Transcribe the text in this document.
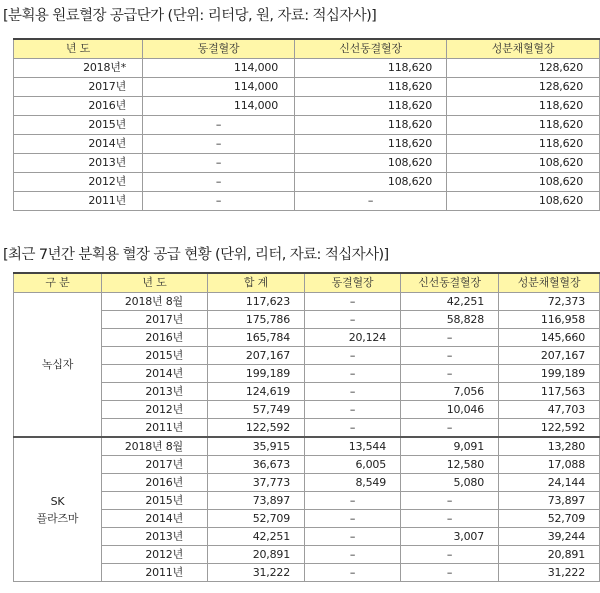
[분획용 원료혈장 공급단가 (단위: 리터당, 원, 자료: 적십자사)]
년 도	동결혈장	신선동결혈장	성분채혈혈장
2018년*	114,000	118,620	128,620
2017년	114,000	118,620	128,620
2016년	114,000	118,620	118,620
2015년	–	118,620	118,620
2014년	–	118,620	118,620
2013년	–	108,620	108,620
2012년	–	108,620	108,620
2011년	–	–	108,620
[최근 7년간 분획용 혈장 공급 현황 (단위, 리터, 자료: 적십자사)]
구 분	년 도	합 계	동결혈장	신선동결혈장	성분채혈혈장
녹십자	2018년 8월	117,623	–	42,251	72,373
	2017년	175,786	–	58,828	116,958
	2016년	165,784	20,124	–	145,660
	2015년	207,167	–	–	207,167
	2014년	199,189	–	–	199,189
	2013년	124,619	–	7,056	117,563
	2012년	57,749	–	10,046	47,703
	2011년	122,592	–	–	122,592
SK
플라즈마	2018년 8월	35,915	13,544	9,091	13,280
	2017년	36,673	6,005	12,580	17,088
	2016년	37,773	8,549	5,080	24,144
	2015년	73,897	–	–	73,897
	2014년	52,709	–	–	52,709
	2013년	42,251	–	3,007	39,244
	2012년	20,891	–	–	20,891
	2011년	31,222	–	–	31,222
